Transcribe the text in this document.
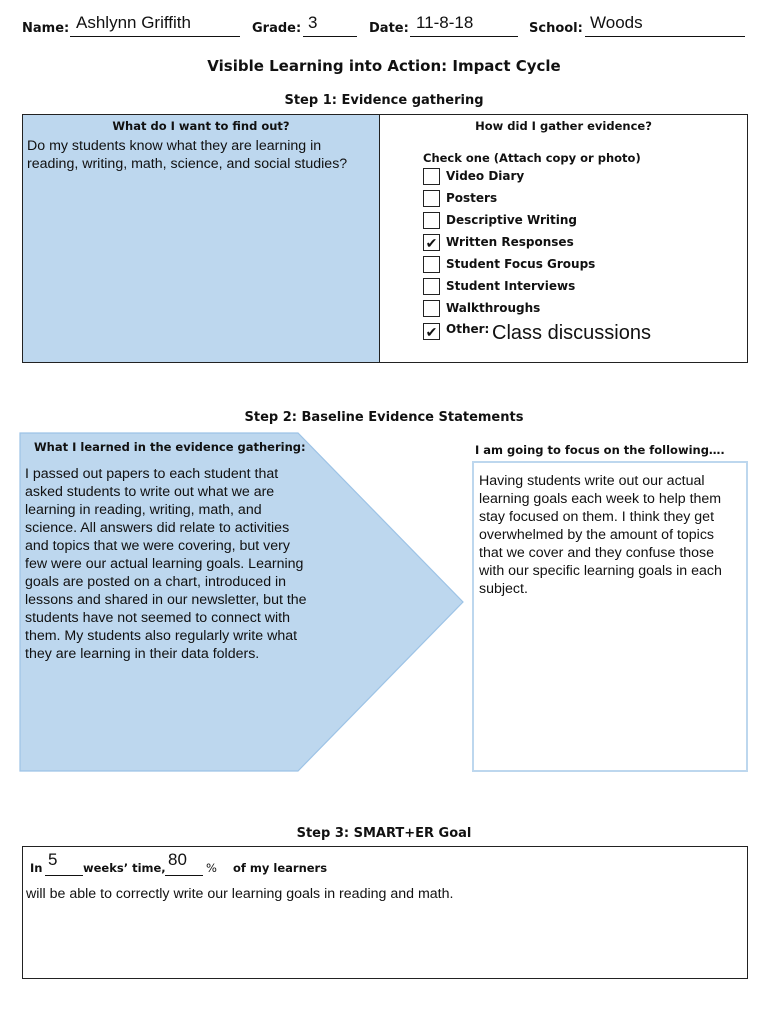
Name: Ashlynn Griffith	Grade: 3	Date: 11-8-18	School: Woods
Visible Learning into Action: Impact Cycle
Step 1: Evidence gathering
What do I want to find out?
Do my students know what they are learning in reading, writing, math, science, and social studies?
How did I gather evidence?
Check one (Attach copy or photo)
Video Diary
Posters
Descriptive Writing
✔ Written Responses
Student Focus Groups
Student Interviews
Walkthroughs
✔ Other: Class discussions
Step 2: Baseline Evidence Statements
What I learned in the evidence gathering:
I passed out papers to each student that asked students to write out what we are learning in reading, writing, math, and science. All answers did relate to activities and topics that we were covering, but very few were our actual learning goals. Learning goals are posted on a chart, introduced in lessons and shared in our newsletter, but the students have not seemed to connect with them. My students also regularly write what they are learning in their data folders.
I am going to focus on the following….
Having students write out our actual learning goals each week to help them stay focused on them. I think they get overwhelmed by the amount of topics that we cover and they confuse those with our specific learning goals in each subject.
Step 3: SMART+ER Goal
In 5 weeks’ time, 80 % of my learners
will be able to correctly write our learning goals in reading and math.
